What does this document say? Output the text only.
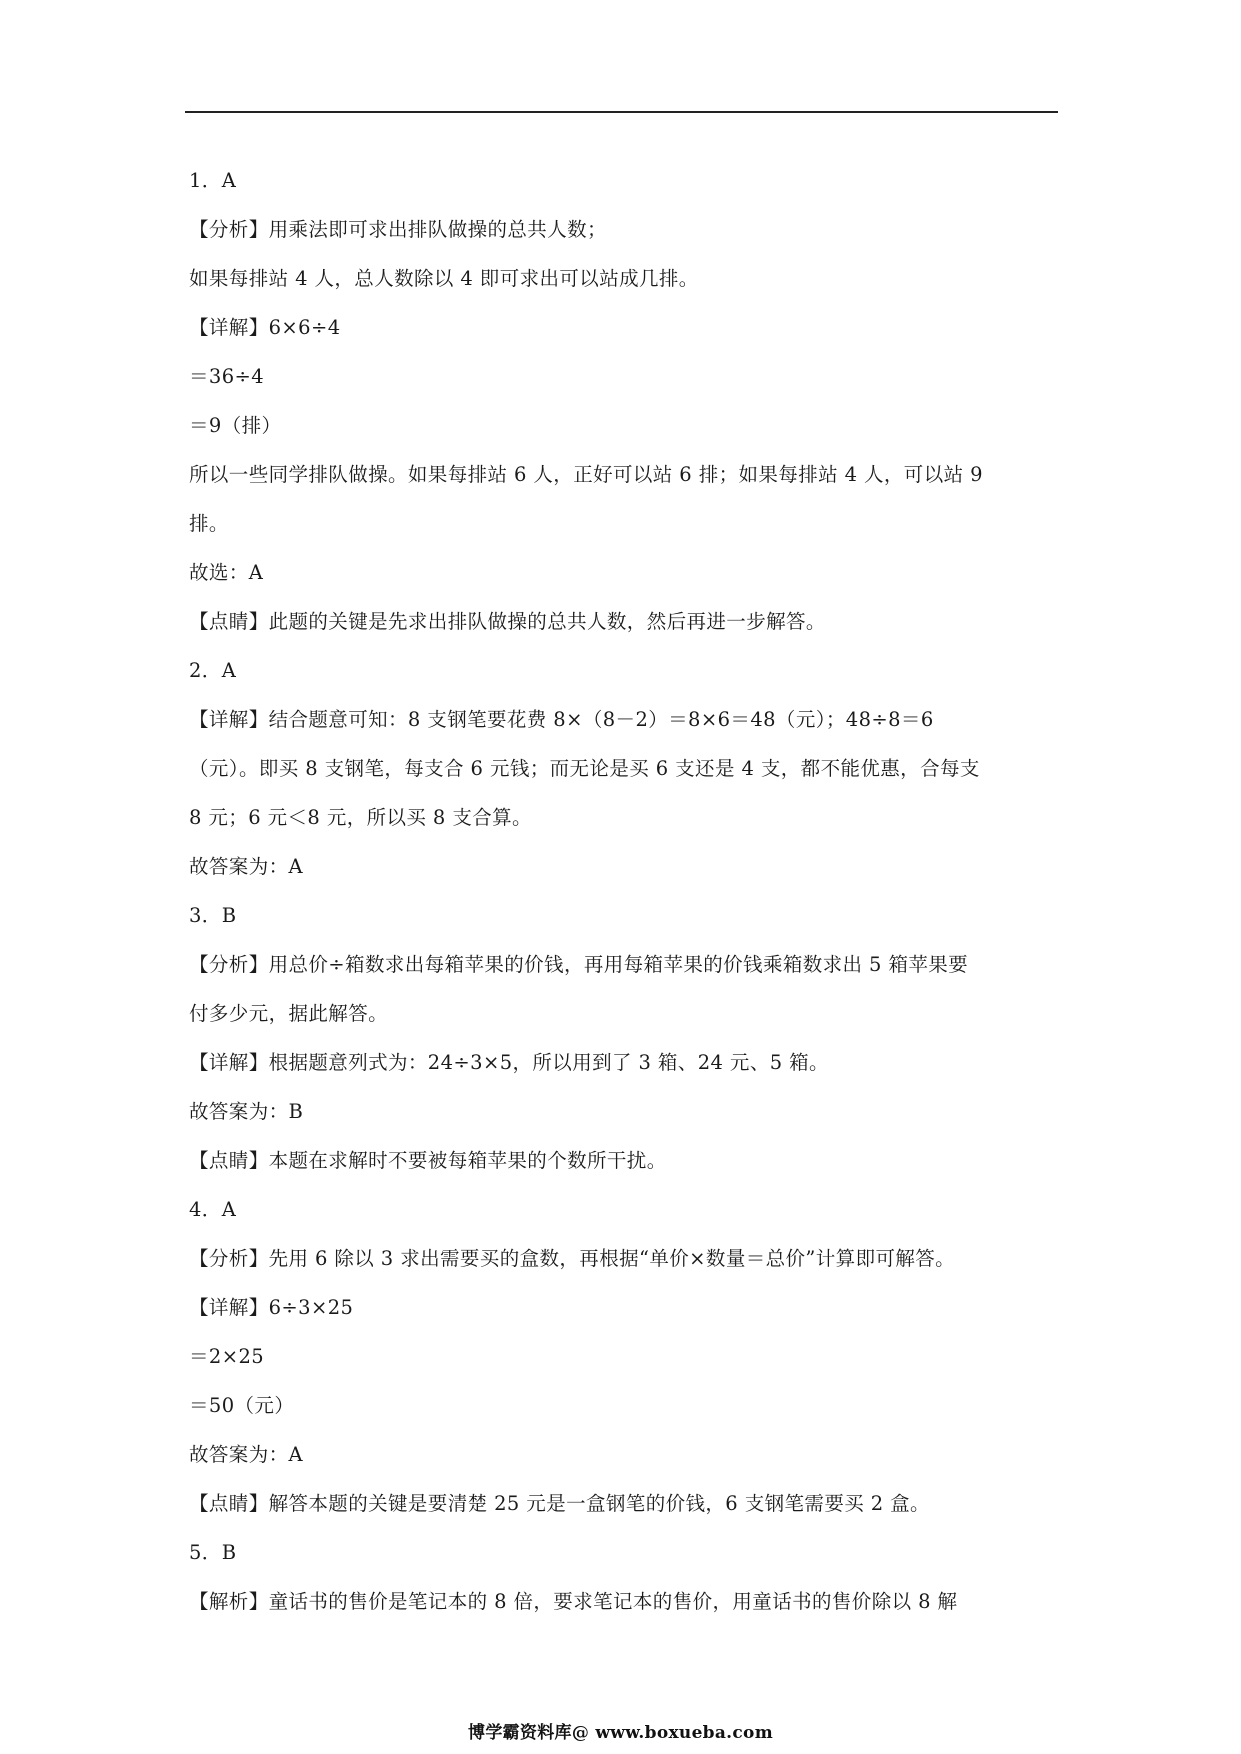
1．A
【分析】用乘法即可求出排队做操的总共人数；
如果每排站 4 人，总人数除以 4 即可求出可以站成几排。
【详解】6×6÷4
＝36÷4
＝9（排）
所以一些同学排队做操。如果每排站 6 人，正好可以站 6 排；如果每排站 4 人，可以站 9
排。
故选：A
【点睛】此题的关键是先求出排队做操的总共人数，然后再进一步解答。
2．A
【详解】结合题意可知：8 支钢笔要花费 8×（8－2）＝8×6＝48（元）；48÷8＝6
（元）。即买 8 支钢笔，每支合 6 元钱；而无论是买 6 支还是 4 支，都不能优惠，合每支
8 元；6 元＜8 元，所以买 8 支合算。
故答案为：A
3．B
【分析】用总价÷箱数求出每箱苹果的价钱，再用每箱苹果的价钱乘箱数求出 5 箱苹果要
付多少元，据此解答。
【详解】根据题意列式为：24÷3×5，所以用到了 3 箱、24 元、5 箱。
故答案为：B
【点睛】本题在求解时不要被每箱苹果的个数所干扰。
4．A
【分析】先用 6 除以 3 求出需要买的盒数，再根据“单价×数量＝总价”计算即可解答。
【详解】6÷3×25
＝2×25
＝50（元）
故答案为：A
【点睛】解答本题的关键是要清楚 25 元是一盒钢笔的价钱，6 支钢笔需要买 2 盒。
5．B
【解析】童话书的售价是笔记本的 8 倍，要求笔记本的售价，用童话书的售价除以 8 解
博学霸资料库@ www.boxueba.com
